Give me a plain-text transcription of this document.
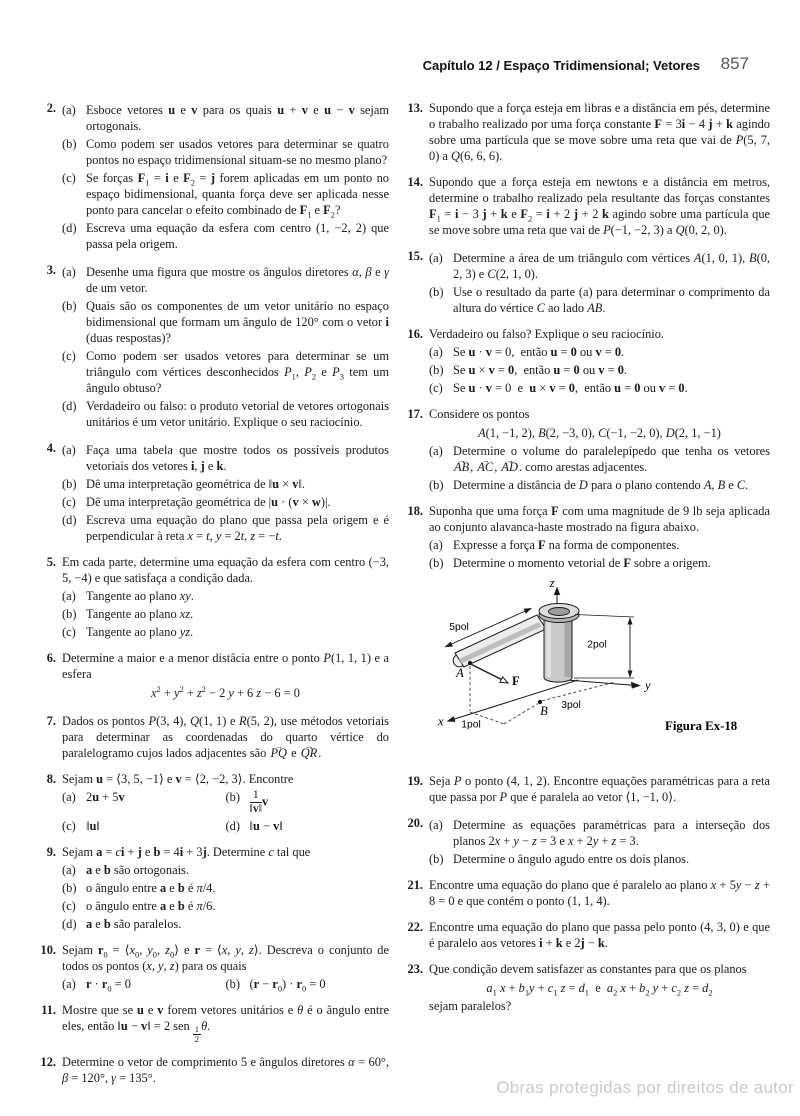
Capítulo 12 / Espaço Tridimensional; Vetores 857
2. (a) Esboce vetores u e v para os quais u + v e u − v sejam ortogonais.
(b) Como podem ser usados vetores para determinar se quatro pontos no espaço tridimensional situam-se no mesmo plano?
(c) Se forças $F_1 = i$ e $F_2 = j$ forem aplicadas em um ponto no espaço bidimensional, quanta força deve ser aplicada nesse ponto para cancelar o efeito combinado de $F_1$ e $F_2$?
(d) Escreva uma equação da esfera com centro (1, −2, 2) que passa pela origem.
3. (a) Desenhe uma figura que mostre os ângulos diretores α, β e γ de um vetor.
(b) Quais são os componentes de um vetor unitário no espaço bidimensional que formam um ângulo de 120° com o vetor i (duas respostas)?
(c) Como podem ser usados vetores para determinar se um triângulo com vértices desconhecidos $P_1$, $P_2$ e $P_3$ tem um ângulo obtuso?
(d) Verdadeiro ou falso: o produto vetorial de vetores ortogonais unitários é um vetor unitário. Explique o seu raciocínio.
4. (a) Faça uma tabela que mostre todos os possíveis produtos vetoriais dos vetores i, j e k.
(b) Dê uma interpretação geométrica de ‖u × v‖.
(c) Dê uma interpretação geométrica de |u · (v × w)|.
(d) Escreva uma equação do plano que passa pela origem e é perpendicular à reta x = t, y = 2t, z = −t.
5. Em cada parte, determine uma equação da esfera com centro (−3, 5, −4) e que satisfaça a condição dada.
(a) Tangente ao plano xy.
(b) Tangente ao plano xz.
(c) Tangente ao plano yz.
6. Determine a maior e a menor distâcia entre o ponto P(1, 1, 1) e a esfera
$x^2 + y^2 + z^2 - 2$ y + 6 z − 6 = 0
7. Dados os pontos P(3, 4), Q(1, 1) e R(5, 2), use métodos vetoriais para determinar as coordenadas do quarto vértice do paralelogramo cujos lados adjacentes são → PQ e → QR.
8. Sejam u = ⟨3, 5, −1⟩ e v = ⟨2, −2, 3⟩. Encontre
(a) 2u + 5v	$(b) \frac{1}{‖v‖}$ v
(c) ‖u‖	(d) ‖u − v‖
9. Sejam a = ci + j e b = 4i + 3j. Determine c tal que
(a) a e b são ortogonais.
(b) o ângulo entre a e b é π/4.
(c) o ângulo entre a e b é π/6.
(d) a e b são paralelos.
10. Sejam $r_0$ = $⟨x_0$, $y_0$, $z_0⟩$ e r = ⟨x, y, z⟩. Descreva o conjunto de todos os pontos (x, y, z) para os quais
(a) $r \cdot r_0 = 0$	(b) $(r - r_0) \cdot r_0 = 0$
11. Mostre que se u e v forem vetores unitários e θ é o ângulo entre eles, então ‖u − v‖ = 2 sen $\frac{1}{2} \theta$.
12. Determine o vetor de comprimento 5 e ângulos diretores α = 60°, β = 120°, γ = 135°.
13. Supondo que a força esteja em libras e a distância em pés, determine o trabalho realizado por uma força constante F = 3i − 4 j + k agindo sobre uma partícula que se move sobre uma reta que vai de P(5, 7, 0) a Q(6, 6, 6).
14. Supondo que a força esteja em newtons e a distância em metros, determine o trabalho realizado pela resultante das forças constantes $F_1 = i - 3$ j + k e $F_2 = i + 2$ j + 2 k agindo sobre uma partícula que se move sobre uma reta que vai de P(−1, −2, 3) a Q(0, 2, 0).
15. (a) Determine a área de um triângulo com vértices A(1, 0, 1), B(0, 2, 3) e C(2, 1, 0).
(b) Use o resultado da parte (a) para determinar o comprimento da altura do vértice C ao lado AB.
16. Verdadeiro ou falso? Explique o seu raciocínio.
(a) Se u · v = 0,  então u = 0 ou v = 0.
(b) Se u × v = 0,  então u = 0 ou v = 0.
(c) Se u · v = 0  e  u × v = 0,  então u = 0 ou v = 0.
17. Considere os pontos
A(1, −1, 2), B(2, −3, 0), C(−1, −2, 0), D(2, 1, −1)
(a) Determine o volume do paralelepípedo que tenha os vetores → AB, → AC, → AD. como arestas adjacentes.
(b) Determine a distância de D para o plano contendo A, B e C.
18. Suponha que uma força F com uma magnitude de 9 lb seja aplicada ao conjunto alavanca-haste mostrado na figura abaixo.
(a) Expresse a força F na forma de componentes.
(b) Determine o momento vetorial de F sobre a origem.
y
x
z
5pol
2pol
A
F
B
1pol
3pol
Figura Ex-18
19. Seja P o ponto (4, 1, 2). Encontre equações paramétricas para a reta que passa por P que é paralela ao vetor ⟨1, −1, 0⟩.
20. (a) Determine as equações paramétricas para a interseção dos planos 2x + y − z = 3 e x + 2y + z = 3.
(b) Determine o ângulo agudo entre os dois planos.
21. Encontre uma equação do plano que é paralelo ao plano x + 5y − z + 8 = 0 e que contém o ponto (1, 1, 4).
22. Encontre uma equação do plano que passa pelo ponto (4, 3, 0) e que é paralelo aos vetores i + k e 2j − k.
23. Que condição devem satisfazer as constantes para que os planos
$a_1$ $x + b_1y + c_1$ $z = d_1$  e  $a_2$ $x + b_2$ $y + c_2$ $z = d_2$
sejam paralelos?
Obras protegidas por direitos de autor
